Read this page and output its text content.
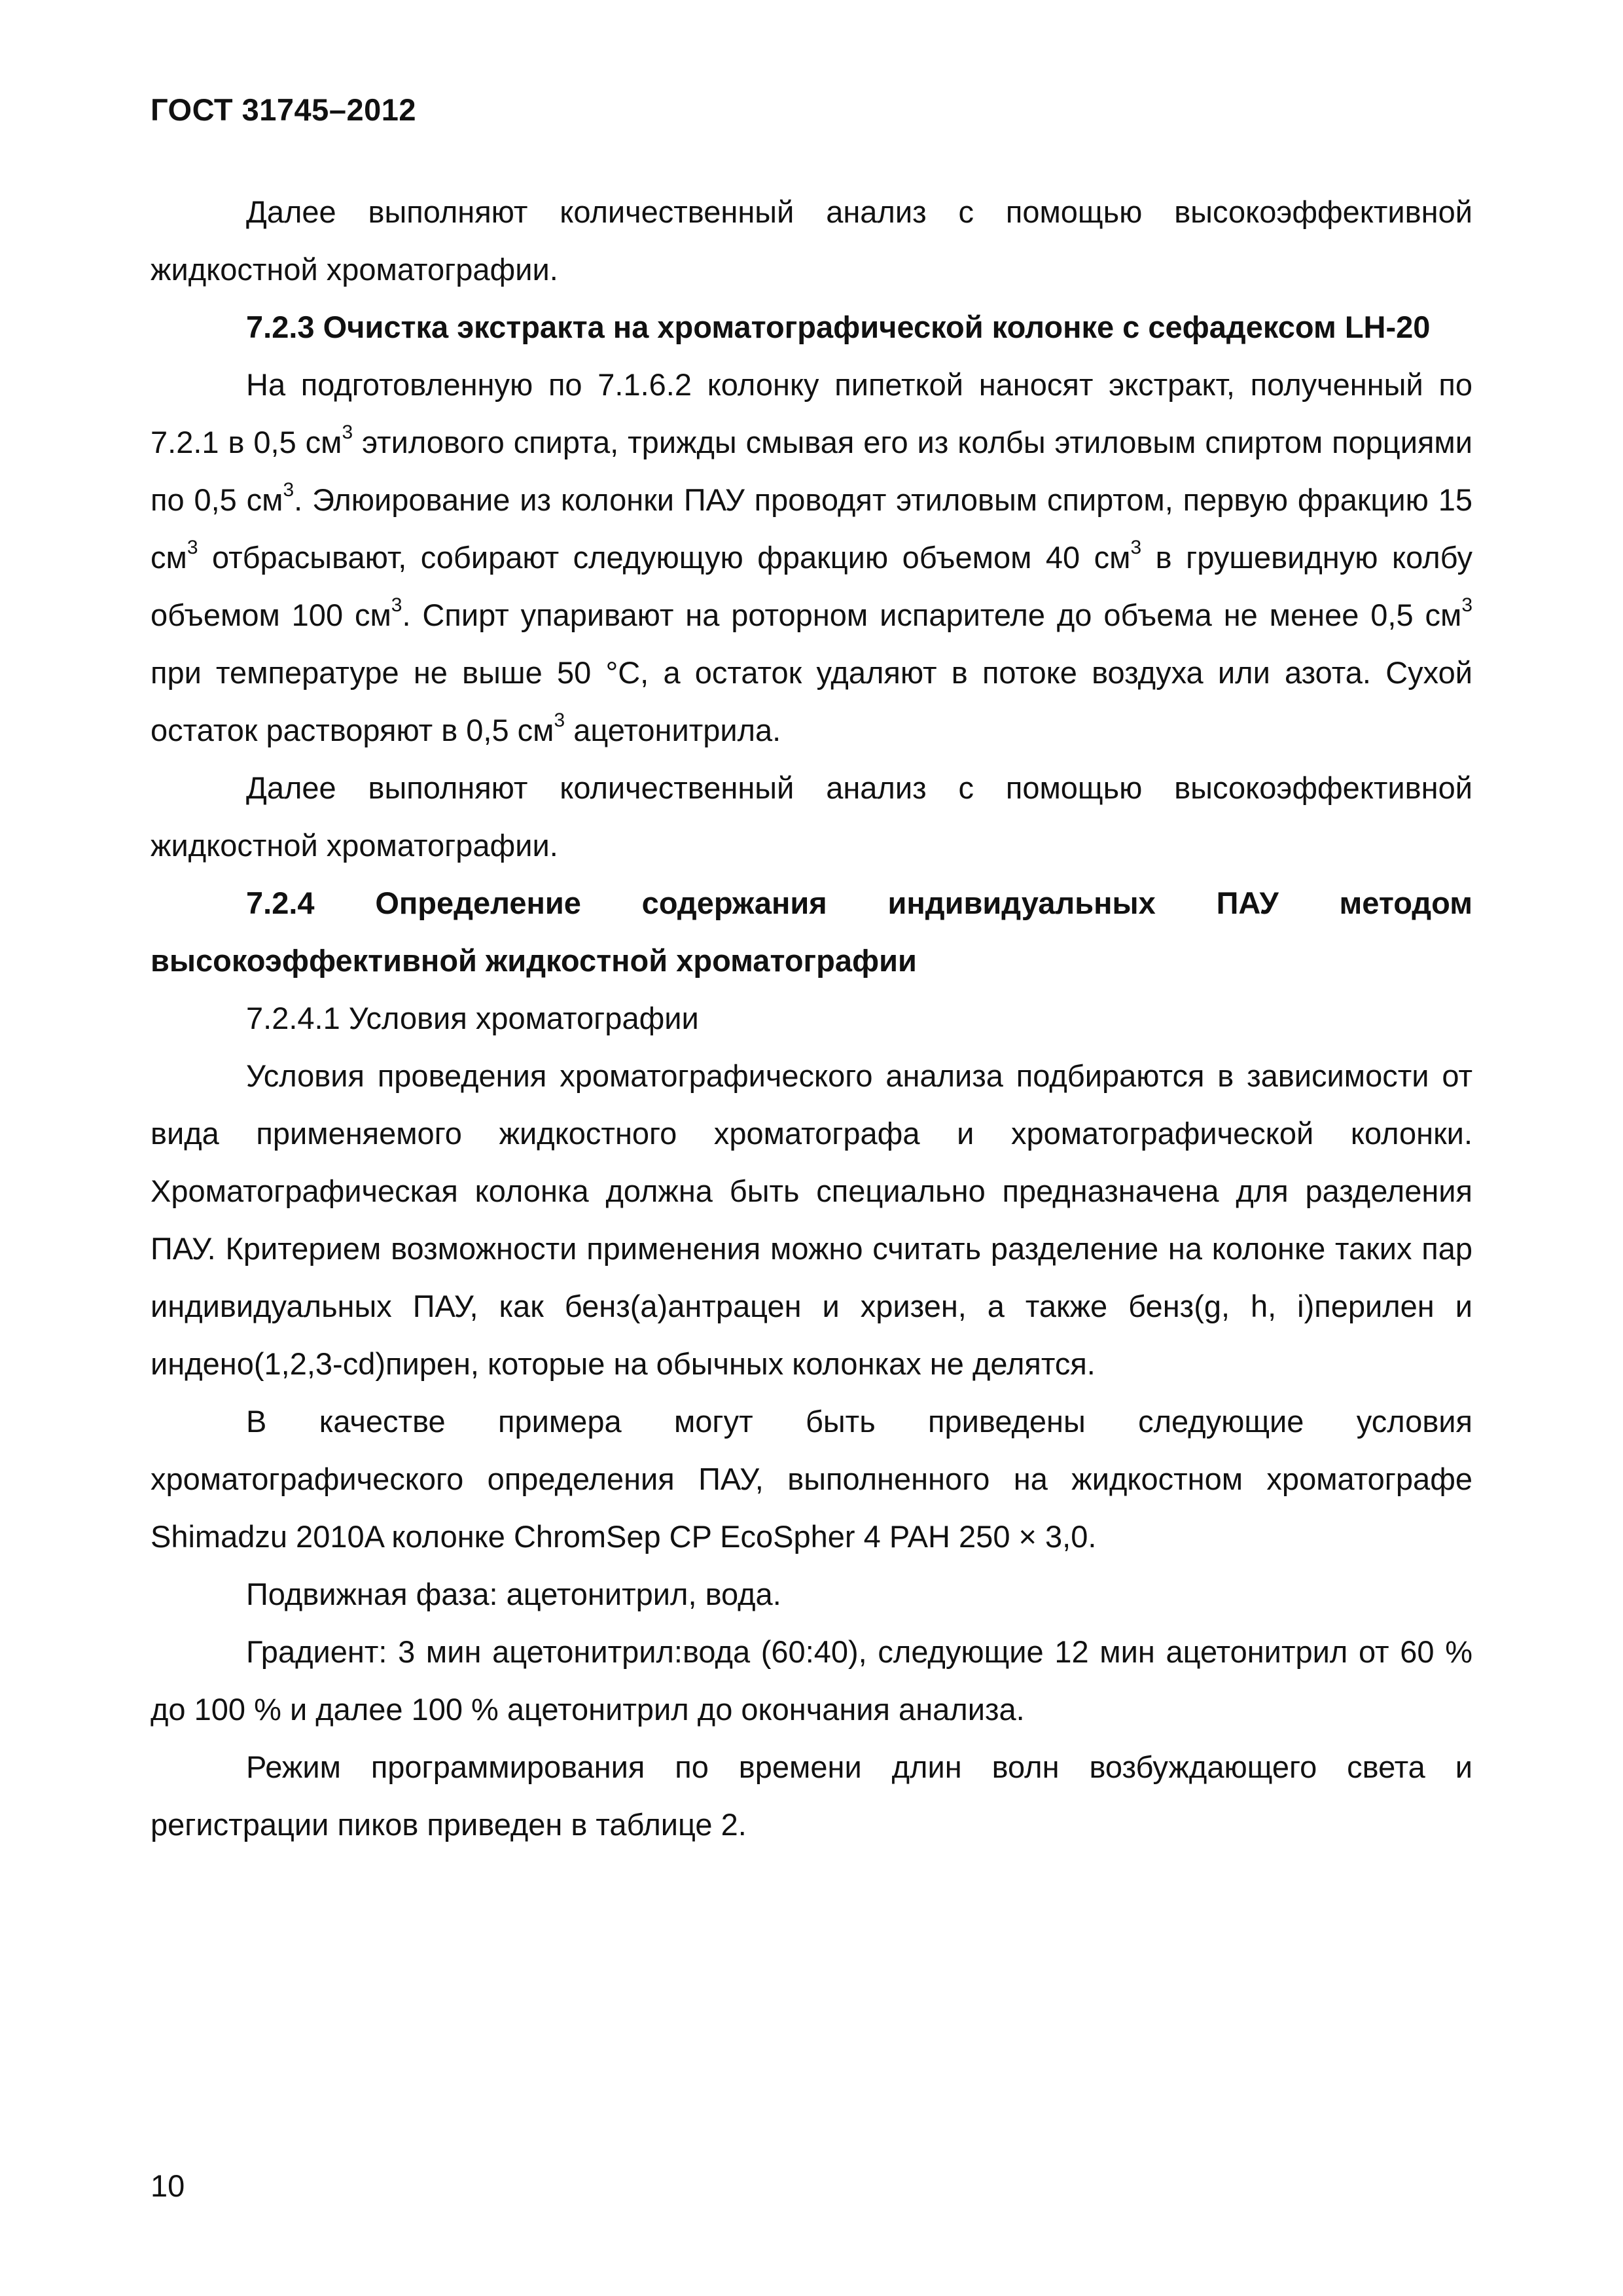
ГОСТ 31745–2012

Далее выполняют количественный анализ с помощью высокоэффективной жидкостной хроматографии.

7.2.3 Очистка экстракта на хроматографической колонке с сефадексом LH-20

На подготовленную по 7.1.6.2 колонку пипеткой наносят экстракт, полученный по 7.2.1 в 0,5 $см^3$ этилового спирта, трижды смывая его из колбы этиловым спиртом порциями по 0,5 $см^3$. Элюирование из колонки ПАУ проводят этиловым спиртом, первую фракцию 15 $см^3$ отбрасывают, собирают следующую фракцию объемом 40 $см^3$ в грушевидную колбу объемом 100 $см^3$. Спирт упаривают на роторном испарителе до объема не менее 0,5 $см^3$ при температуре не выше 50 °С, а остаток удаляют в потоке воздуха или азота. Сухой остаток растворяют в 0,5 $см^3$ ацетонитрила.

Далее выполняют количественный анализ с помощью высокоэффективной жидкостной хроматографии.

7.2.4 Определение содержания индивидуальных ПАУ методом высокоэффективной жидкостной хроматографии

7.2.4.1 Условия хроматографии

Условия проведения хроматографического анализа подбираются в зависимости от вида применяемого жидкостного хроматографа и хроматографической колонки. Хроматографическая колонка должна быть специально предназначена для разделения ПАУ. Критерием возможности применения можно считать разделение на колонке таких пар индивидуальных ПАУ, как бенз(а)антрацен и хризен, а также бенз(g, h, i)перилен и индено(1,2,3-cd)пирен, которые на обычных колонках не делятся.

В качестве примера могут быть приведены следующие условия хроматографического определения ПАУ, выполненного на жидкостном хроматографе Shimadzu 2010A колонке ChromSep CP EcoSpher 4 PAH 250 × 3,0.

Подвижная фаза: ацетонитрил, вода.

Градиент: 3 мин ацетонитрил:вода (60:40), следующие 12 мин ацетонитрил от 60 % до 100 % и далее 100 % ацетонитрил до окончания анализа.

Режим программирования по времени длин волн возбуждающего света и регистрации пиков приведен в таблице 2.

10
